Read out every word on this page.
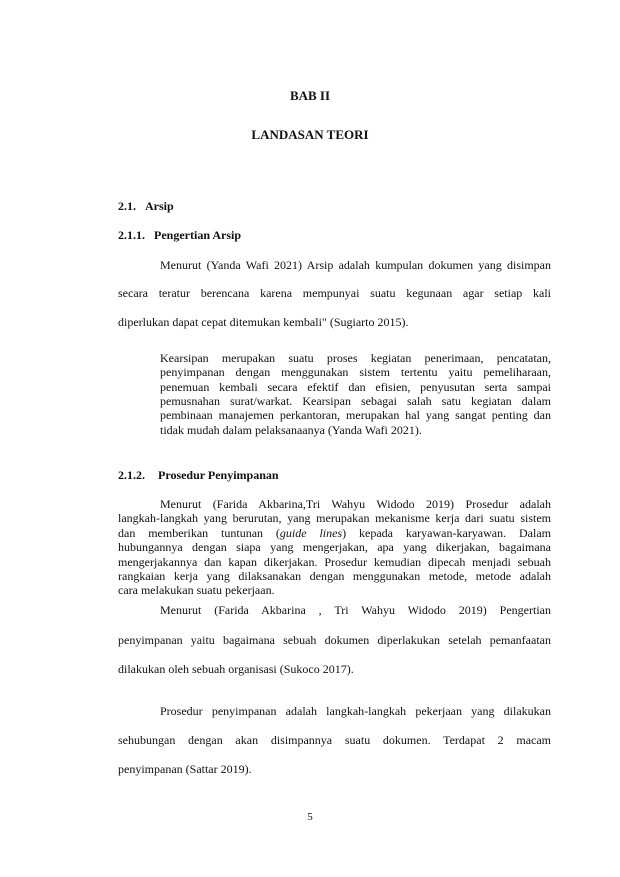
BAB II
LANDASAN TEORI
2.1. Arsip
2.1.1. Pengertian Arsip
Menurut (Yanda Wafi 2021) Arsip adalah kumpulan dokumen yang disimpan
secara teratur berencana karena mempunyai suatu kegunaan agar setiap kali
diperlukan dapat cepat ditemukan kembali" (Sugiarto 2015).
Kearsipan merupakan suatu proses kegiatan penerimaan, pencatatan,
penyimpanan dengan menggunakan sistem tertentu yaitu pemeliharaan,
penemuan kembali secara efektif dan efisien, penyusutan serta sampai
pemusnahan surat/warkat. Kearsipan sebagai salah satu kegiatan dalam
pembinaan manajemen perkantoran, merupakan hal yang sangat penting dan
tidak mudah dalam pelaksanaanya (Yanda Wafi 2021).
2.1.2. Prosedur Penyimpanan
Menurut (Farida Akbarina,Tri Wahyu Widodo 2019) Prosedur adalah
langkah-langkah yang berurutan, yang merupakan mekanisme kerja dari suatu sistem
dan memberikan tuntunan (guide lines) kepada karyawan-karyawan. Dalam
hubungannya dengan siapa yang mengerjakan, apa yang dikerjakan, bagaimana
mengerjakannya dan kapan dikerjakan. Prosedur kemudian dipecah menjadi sebuah
rangkaian kerja yang dilaksanakan dengan menggunakan metode, metode adalah
cara melakukan suatu pekerjaan.
Menurut (Farida Akbarina , Tri Wahyu Widodo 2019) Pengertian
penyimpanan yaitu bagaimana sebuah dokumen diperlakukan setelah pemanfaatan
dilakukan oleh sebuah organisasi (Sukoco 2017).
Prosedur penyimpanan adalah langkah-langkah pekerjaan yang dilakukan
sehubungan dengan akan disimpannya suatu dokumen. Terdapat 2 macam
penyimpanan (Sattar 2019).
5
